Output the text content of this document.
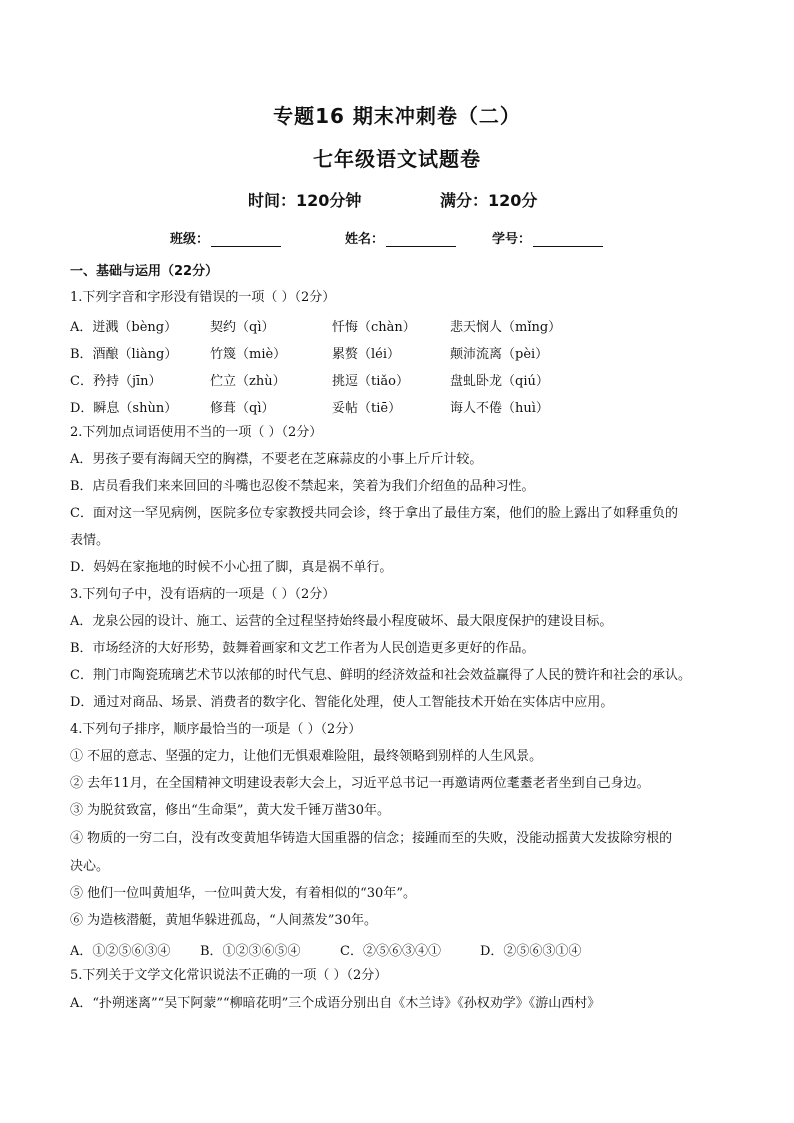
专题16 期末冲刺卷（二）
七年级语文试题卷
时间：120分钟	满分：120分
班级：	姓名：	学号：
一、基础与运用（22分）
1.下列字音和字形没有错误的一项（ ）（2分）
A．迸溅（bèng）	契约（qì）	忏悔（chàn）	悲天悯人（mǐng）
B．酒酿（liàng）	竹篾（miè）	累赘（léi）	颠沛流离（pèi）
C．矜持（jīn）	伫立（zhù）	挑逗（tiǎo）	盘虬卧龙（qiú）
D．瞬息（shùn）	修葺（qì）	妥帖（tiē）	诲人不倦（huì）
2.下列加点词语使用不当的一项（ ）（2分）
A．男孩子要有海阔天空的胸襟，不要老在芝麻蒜皮的小事上斤斤计较。
B．店员看我们来来回回的斗嘴也忍俊不禁起来，笑着为我们介绍鱼的品种习性。
C．面对这一罕见病例，医院多位专家教授共同会诊，终于拿出了最佳方案，他们的脸上露出了如释重负的
表情。
D．妈妈在家拖地的时候不小心扭了脚，真是祸不单行。
3.下列句子中，没有语病的一项是（ ）（2分）
A．龙泉公园的设计、施工、运营的全过程坚持始终最小程度破坏、最大限度保护的建设目标。
B．市场经济的大好形势，鼓舞着画家和文艺工作者为人民创造更多更好的作品。
C．荆门市陶瓷琉璃艺术节以浓郁的时代气息、鲜明的经济效益和社会效益赢得了人民的赞许和社会的承认。
D．通过对商品、场景、消费者的数字化、智能化处理，使人工智能技术开始在实体店中应用。
4.下列句子排序，顺序最恰当的一项是（ ）（2分）
① 不屈的意志、坚强的定力，让他们无惧艰难险阻，最终领略到别样的人生风景。
② 去年11月，在全国精神文明建设表彰大会上，习近平总书记一再邀请两位耄耋老者坐到自己身边。
③ 为脱贫致富，修出“生命渠”，黄大发千锤万凿30年。
④ 物质的一穷二白，没有改变黄旭华铸造大国重器的信念；接踵而至的失败，没能动摇黄大发拔除穷根的
决心。
⑤ 他们一位叫黄旭华，一位叫黄大发，有着相似的“30年”。
⑥ 为造核潜艇，黄旭华躲进孤岛，“人间蒸发”30年。
A．①②⑤⑥③④ B．①②③⑥⑤④	C．②⑤⑥③④①	D．②⑤⑥③①④
5.下列关于文学文化常识说法不正确的一项（ ）（2分）
A．“扑朔迷离”“吴下阿蒙”“柳暗花明”三个成语分别出自《木兰诗》《孙权劝学》《游山西村》
